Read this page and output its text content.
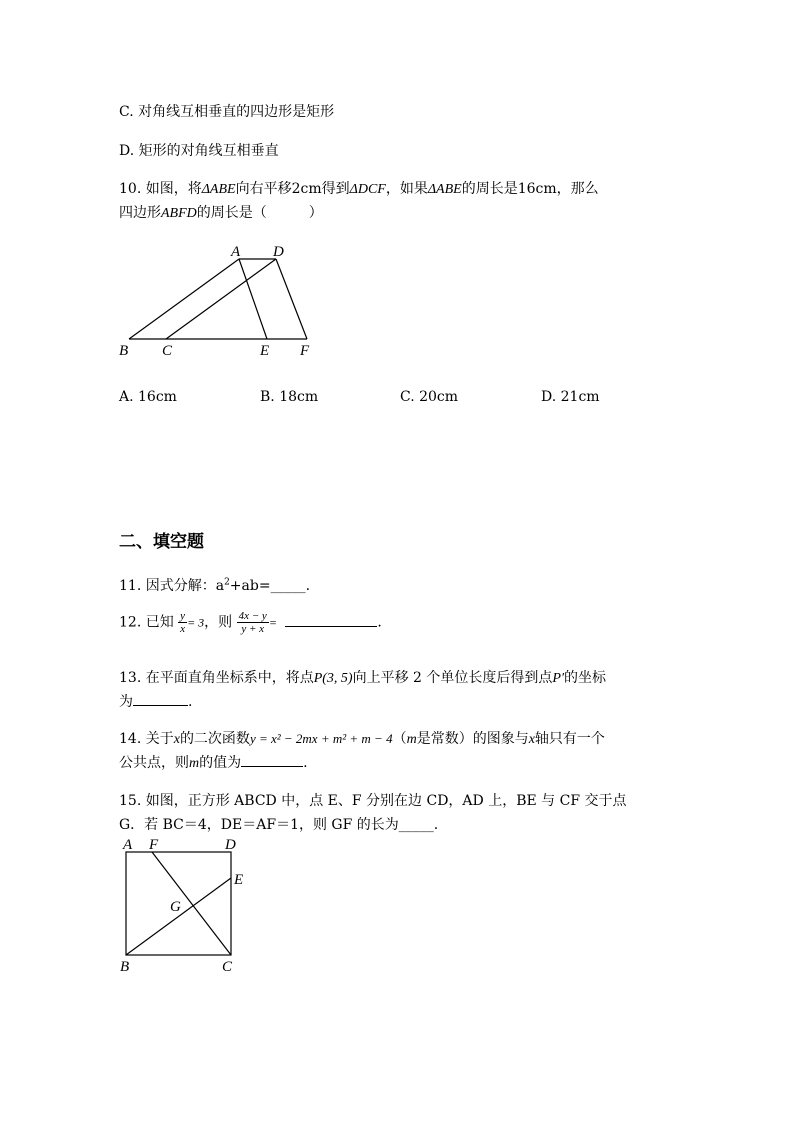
C. 对角线互相垂直的四边形是矩形
D. 矩形的对角线互相垂直
10. 如图，将ΔABE向右平移2cm得到ΔDCF，如果ΔABE的周长是16cm，那么
四边形ABFD的周长是（　　　）
A D
B C	E F
A. 16cm	B. 18cm	C. 20cm	D. 21cm
二、填空题
11. 因式分解：$a^2+ab=\_\_\_\_\_$.
12. 已知 $\frac{y}{x} = 3$，则 $\frac{4x - y}{y + x}$ =	.
13. 在平面直角坐标系中，将点P(3, 5)向上平移 2 个单位长度后得到点P′的坐标
为	.
14. 关于x的二次函数y = x² − 2mx + m² + m − 4（m是常数）的图象与x轴只有一个
公共点，则m的值为	.
15. 如图，正方形 ABCD 中，点 E、F 分别在边 CD，AD 上，BE 与 CF 交于点
G．若 BC＝4，DE＝AF＝1，则 GF 的长为_____.
A F	D
E
G
B	C
